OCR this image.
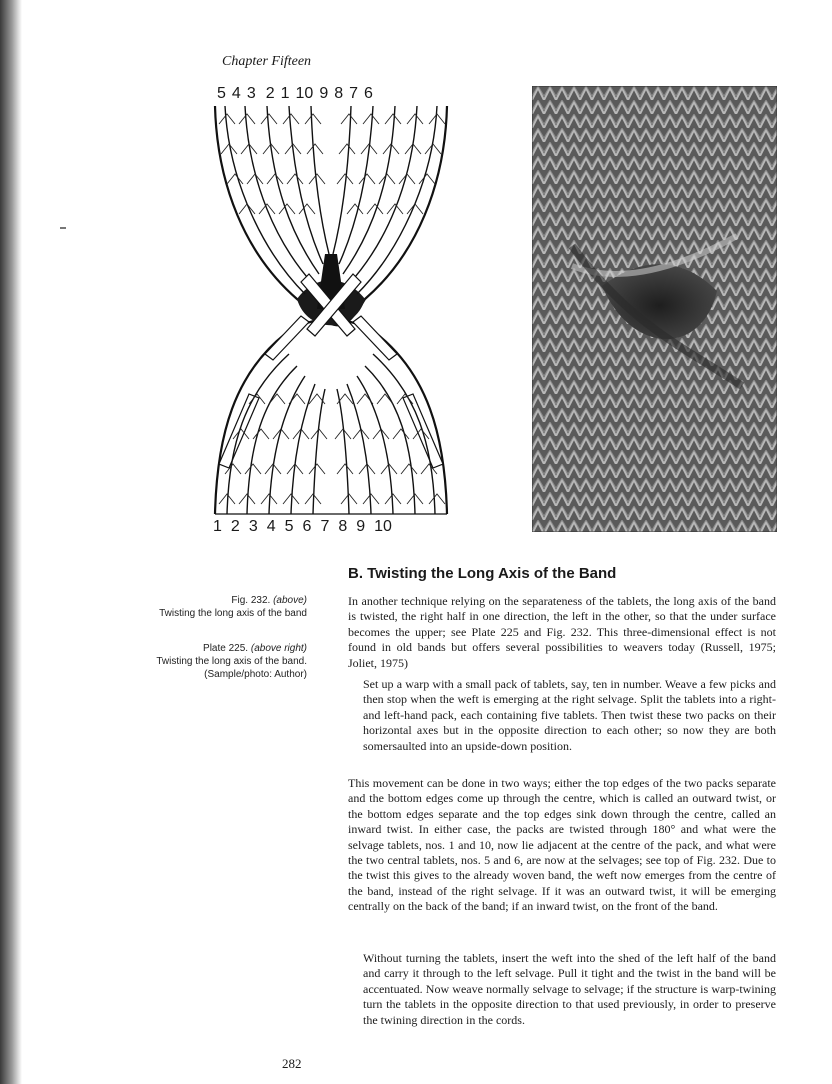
Chapter Fifteen
5 4 3 2 1 10 9 8 7 6
1 2 3 4 5 6 7 8 9 10
Fig. 232. (above)
Twisting the long axis of the band
Plate 225. (above right)
Twisting the long axis of the band.
(Sample/photo: Author)
B. Twisting the Long Axis of the Band
In another technique relying on the separateness of the tablets, the long axis of the band is twisted, the right half in one direction, the left in the other, so that the under surface becomes the upper; see Plate 225 and Fig. 232. This three-dimensional effect is not found in old bands but offers several possibilities to weavers today (Russell, 1975; Joliet, 1975)
Set up a warp with a small pack of tablets, say, ten in number. Weave a few picks and then stop when the weft is emerging at the right selvage. Split the tablets into a right- and left-hand pack, each containing five tablets. Then twist these two packs on their horizontal axes but in the opposite direction to each other; so now they are both somersaulted into an upside-down position.
This movement can be done in two ways; either the top edges of the two packs separate and the bottom edges come up through the centre, which is called an outward twist, or the bottom edges separate and the top edges sink down through the centre, called an inward twist. In either case, the packs are twisted through 180° and what were the selvage tablets, nos. 1 and 10, now lie adjacent at the centre of the pack, and what were the two central tablets, nos. 5 and 6, are now at the selvages; see top of Fig. 232. Due to the twist this gives to the already woven band, the weft now emerges from the centre of the band, instead of the right selvage. If it was an outward twist, it will be emerging centrally on the back of the band; if an inward twist, on the front of the band.
Without turning the tablets, insert the weft into the shed of the left half of the band and carry it through to the left selvage. Pull it tight and the twist in the band will be accentuated. Now weave normally selvage to selvage; if the structure is warp-twining turn the tablets in the opposite direction to that used previously, in order to preserve the twining direction in the cords.
282
